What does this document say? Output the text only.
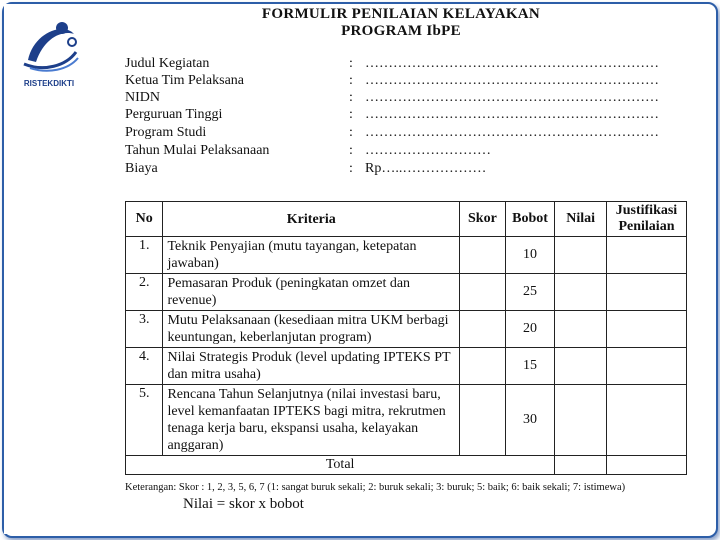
RISTEKDIKTI
FORMULIR PENILAIAN KELAYAKAN
PROGRAM IbPE
Judul Kegiatan	: ………………………………………………………
Ketua Tim Pelaksana	: ………………………………………………………
NIDN	: ………………………………………………………
Perguruan Tinggi	: ………………………………………………………
Program Studi	: ………………………………………………………
Tahun Mulai Pelaksanaan	: ………………………
Biaya	: Rp…..………………
No	Kriteria	Skor	Bobot	Nilai	Justifikasi Penilaian
1.	Teknik Penyajian (mutu tayangan, ketepatan jawaban)		10		
2.	Pemasaran Produk (peningkatan omzet dan revenue)		25		
3.	Mutu Pelaksanaan (kesediaan mitra UKM berbagi keuntungan, keberlanjutan program)		20		
4.	Nilai Strategis Produk (level updating IPTEKS PT dan mitra usaha)		15		
5.	Rencana Tahun Selanjutnya (nilai investasi baru, level kemanfaatan IPTEKS bagi mitra, rekrutmen tenaga kerja baru, ekspansi usaha, kelayakan anggaran)		30		
Total					
Keterangan: Skor : 1, 2, 3, 5, 6, 7 (1: sangat buruk sekali; 2: buruk sekali; 3: buruk; 5: baik; 6: baik sekali; 7: istimewa)
Nilai = skor x bobot
